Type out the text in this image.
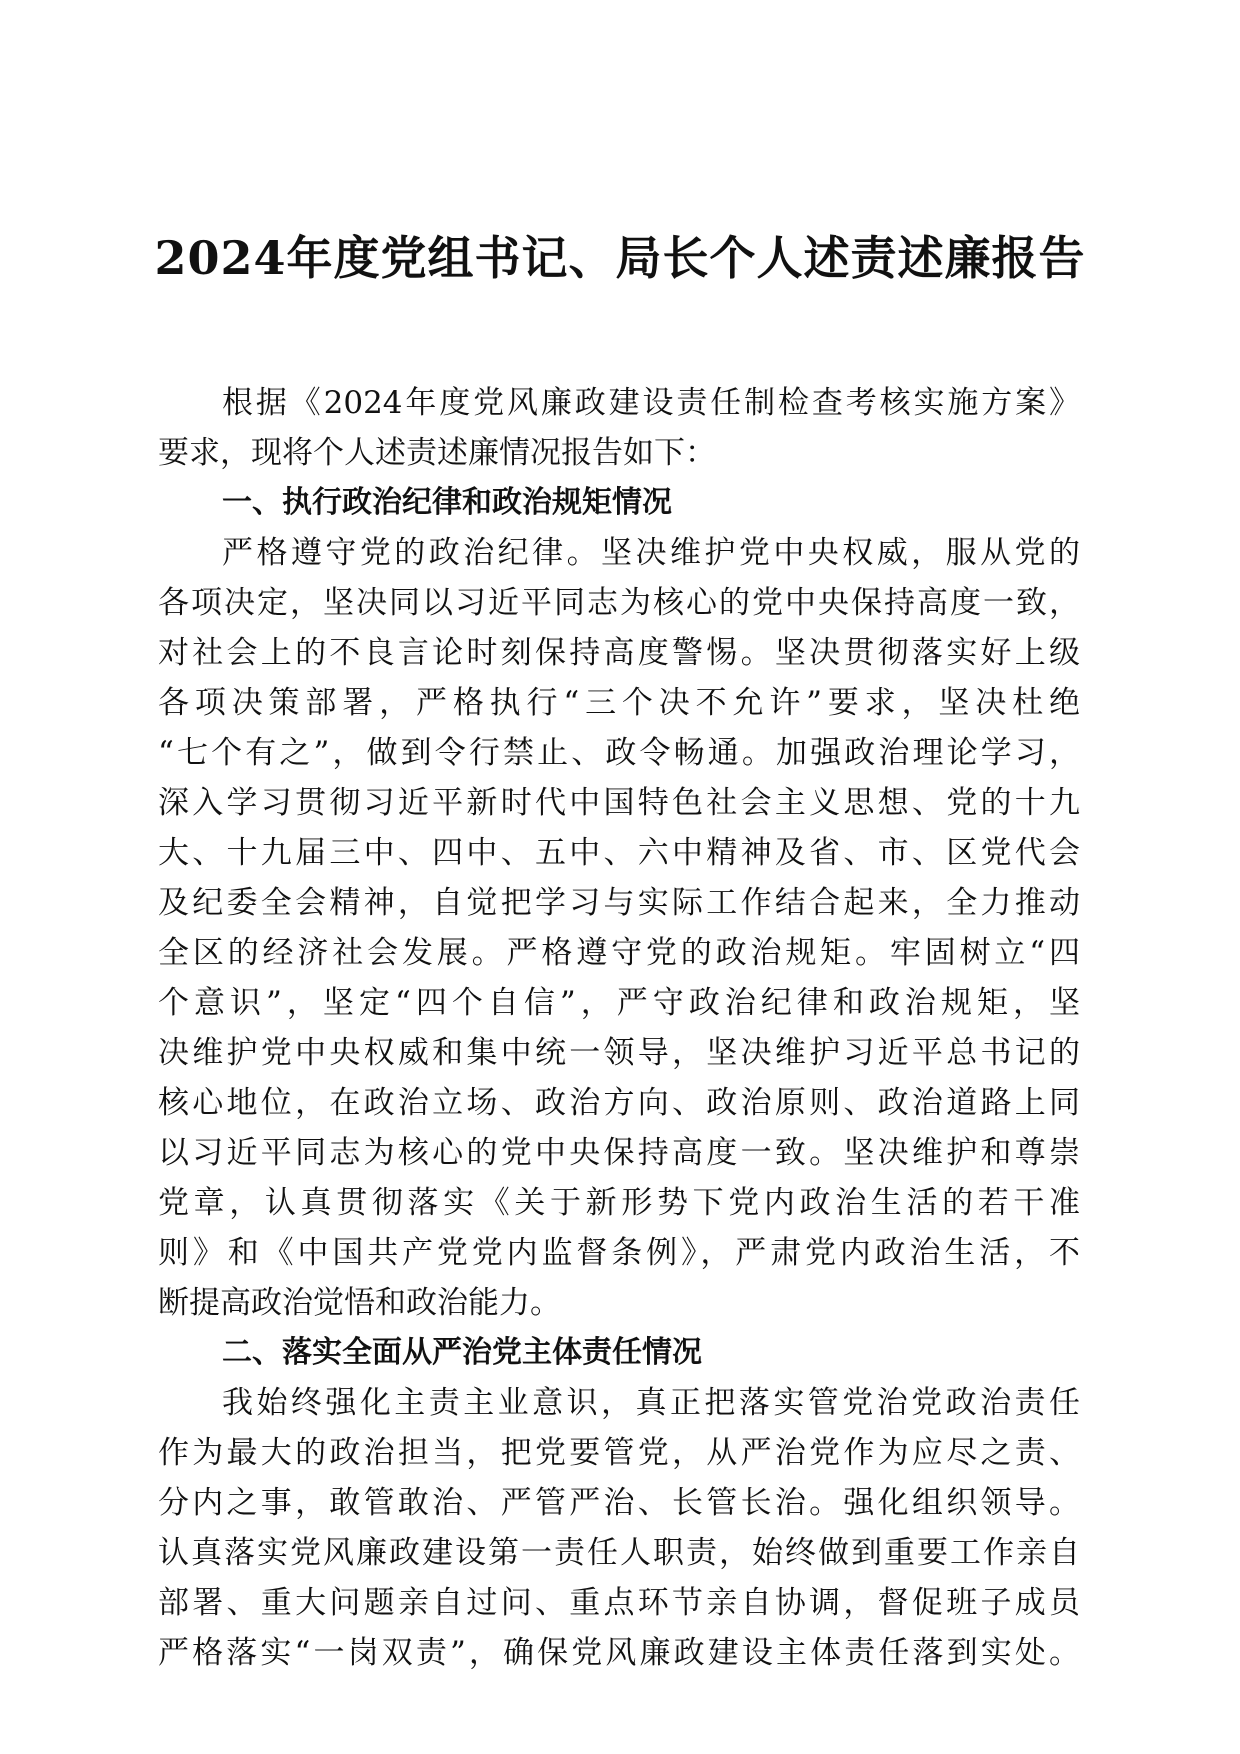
2024年度党组书记、局长个人述责述廉报告
根据《2024年度党风廉政建设责任制检查考核实施方案》
要求，现将个人述责述廉情况报告如下：
一、执行政治纪律和政治规矩情况
严格遵守党的政治纪律。坚决维护党中央权威，服从党的
各项决定，坚决同以习近平同志为核心的党中央保持高度一致，
对社会上的不良言论时刻保持高度警惕。坚决贯彻落实好上级
各项决策部署，严格执行“三个决不允许”要求，坚决杜绝
“七个有之”，做到令行禁止、政令畅通。加强政治理论学习，
深入学习贯彻习近平新时代中国特色社会主义思想、党的十九
大、十九届三中、四中、五中、六中精神及省、市、区党代会
及纪委全会精神，自觉把学习与实际工作结合起来，全力推动
全区的经济社会发展。严格遵守党的政治规矩。牢固树立“四
个意识”，坚定“四个自信”，严守政治纪律和政治规矩，坚
决维护党中央权威和集中统一领导，坚决维护习近平总书记的
核心地位，在政治立场、政治方向、政治原则、政治道路上同
以习近平同志为核心的党中央保持高度一致。坚决维护和尊崇
党章，认真贯彻落实《关于新形势下党内政治生活的若干准
则》和《中国共产党党内监督条例》，严肃党内政治生活，不
断提高政治觉悟和政治能力。
二、落实全面从严治党主体责任情况
我始终强化主责主业意识，真正把落实管党治党政治责任
作为最大的政治担当，把党要管党，从严治党作为应尽之责、
分内之事，敢管敢治、严管严治、长管长治。强化组织领导。
认真落实党风廉政建设第一责任人职责，始终做到重要工作亲自
部署、重大问题亲自过问、重点环节亲自协调，督促班子成员
严格落实“一岗双责”，确保党风廉政建设主体责任落到实处。
